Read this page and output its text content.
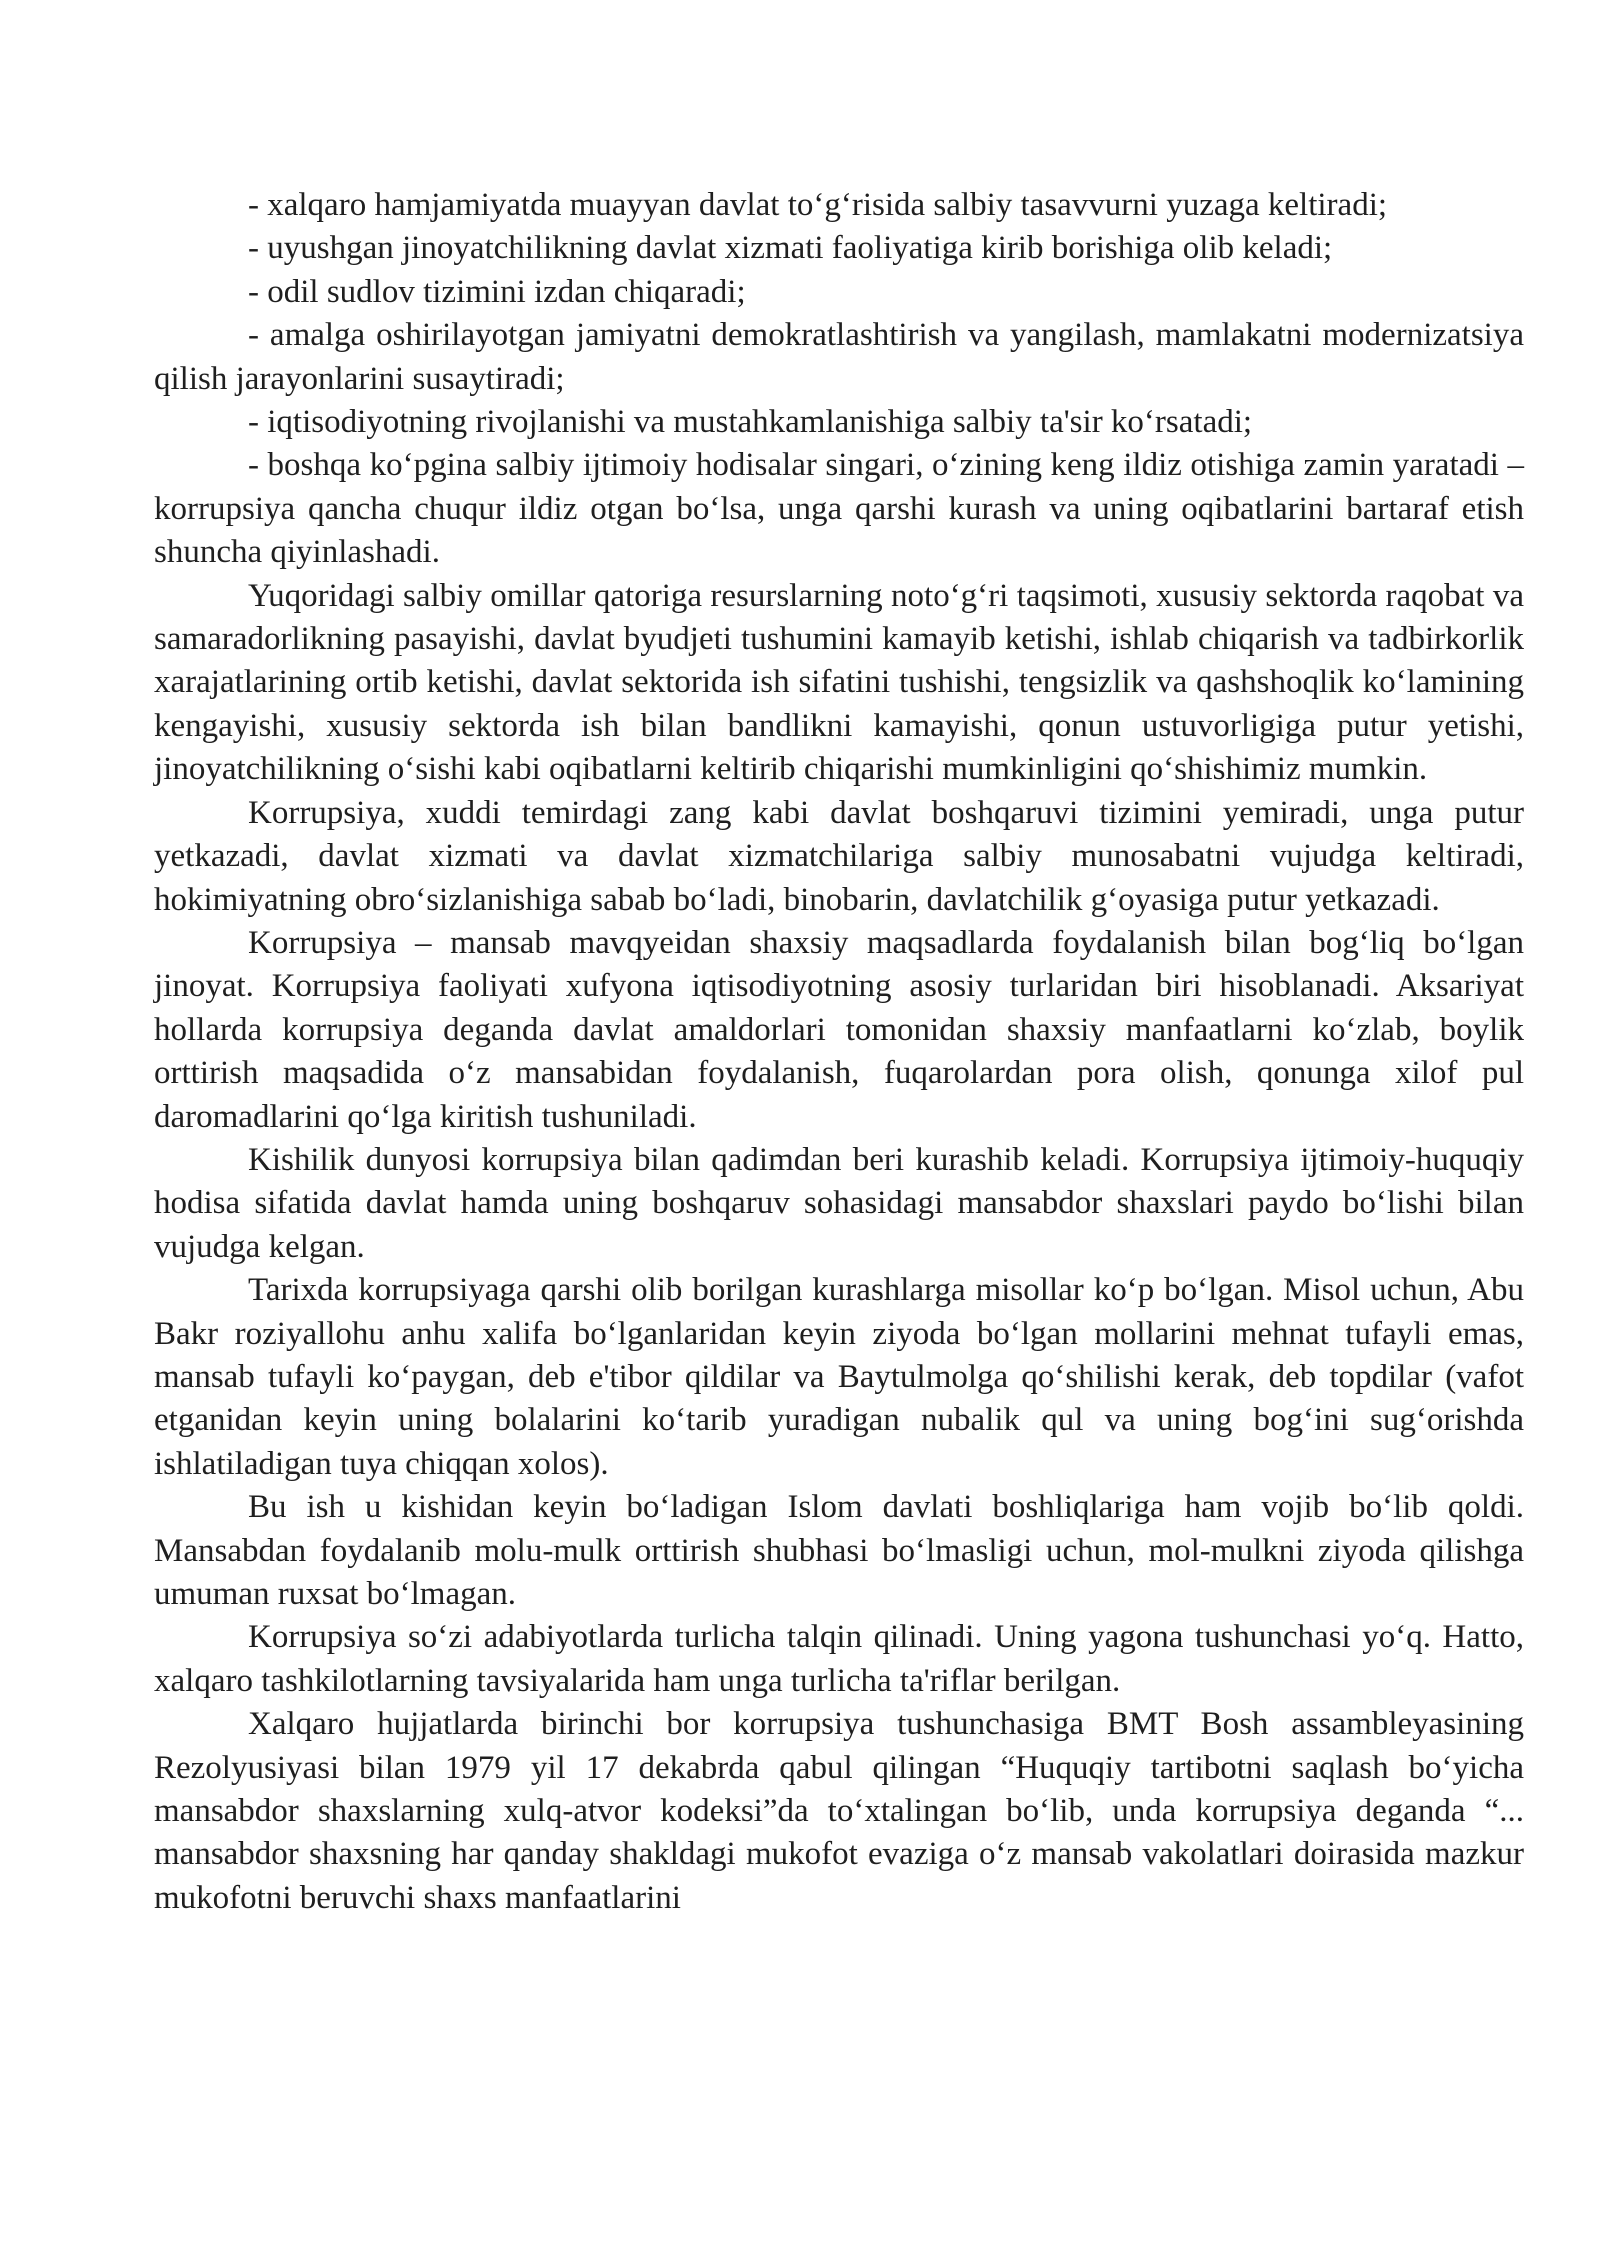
- xalqaro hamjamiyatda muayyan davlat to‘g‘risida salbiy tasavvurni yuzaga keltiradi;

- uyushgan jinoyatchilikning davlat xizmati faoliyatiga kirib borishiga olib keladi;

- odil sudlov tizimini izdan chiqaradi;

- amalga oshirilayotgan jamiyatni demokratlashtirish va yangilash, mamlakatni modernizatsiya qilish jarayonlarini susaytiradi;

- iqtisodiyotning rivojlanishi va mustahkamlanishiga salbiy ta'sir ko‘rsatadi;

- boshqa ko‘pgina salbiy ijtimoiy hodisalar singari, o‘zining keng ildiz otishiga zamin yaratadi – korrupsiya qancha chuqur ildiz otgan bo‘lsa, unga qarshi kurash va uning oqibatlarini bartaraf etish shuncha qiyinlashadi.

Yuqoridagi salbiy omillar qatoriga resurslarning noto‘g‘ri taqsimoti, xususiy sektorda raqobat va samaradorlikning pasayishi, davlat byudjeti tushumini kamayib ketishi, ishlab chiqarish va tadbirkorlik xarajatlarining ortib ketishi, davlat sektorida ish sifatini tushishi, tengsizlik va qashshoqlik ko‘lamining kengayishi, xususiy sektorda ish bilan bandlikni kamayishi, qonun ustuvorligiga putur yetishi, jinoyatchilikning o‘sishi kabi oqibatlarni keltirib chiqarishi mumkinligini qo‘shishimiz mumkin.

Korrupsiya, xuddi temirdagi zang kabi davlat boshqaruvi tizimini yemiradi, unga putur yetkazadi, davlat xizmati va davlat xizmatchilariga salbiy munosabatni vujudga keltiradi, hokimiyatning obro‘sizlanishiga sabab bo‘ladi, binobarin, davlatchilik g‘oyasiga putur yetkazadi.

Korrupsiya – mansab mavqyeidan shaxsiy maqsadlarda foydalanish bilan bog‘liq bo‘lgan jinoyat. Korrupsiya faoliyati xufyona iqtisodiyotning asosiy turlaridan biri hisoblanadi. Aksariyat hollarda korrupsiya deganda davlat amaldorlari tomonidan shaxsiy manfaatlarni ko‘zlab, boylik orttirish maqsadida o‘z mansabidan foydalanish, fuqarolardan pora olish, qonunga xilof pul daromadlarini qo‘lga kiritish tushuniladi.

Kishilik dunyosi korrupsiya bilan qadimdan beri kurashib keladi. Korrupsiya ijtimoiy-huquqiy hodisa sifatida davlat hamda uning boshqaruv sohasidagi mansabdor shaxslari paydo bo‘lishi bilan vujudga kelgan.

Tarixda korrupsiyaga qarshi olib borilgan kurashlarga misollar ko‘p bo‘lgan. Misol uchun, Abu Bakr roziyallohu anhu xalifa bo‘lganlaridan keyin ziyoda bo‘lgan mollarini mehnat tufayli emas, mansab tufayli ko‘paygan, deb e'tibor qildilar va Baytulmolga qo‘shilishi kerak, deb topdilar (vafot etganidan keyin uning bolalarini ko‘tarib yuradigan nubalik qul va uning bog‘ini sug‘orishda ishlatiladigan tuya chiqqan xolos).

Bu ish u kishidan keyin bo‘ladigan Islom davlati boshliqlariga ham vojib bo‘lib qoldi. Mansabdan foydalanib molu-mulk orttirish shubhasi bo‘lmasligi uchun, mol-mulkni ziyoda qilishga umuman ruxsat bo‘lmagan.

Korrupsiya so‘zi adabiyotlarda turlicha talqin qilinadi. Uning yagona tushunchasi yo‘q. Hatto, xalqaro tashkilotlarning tavsiyalarida ham unga turlicha ta'riflar berilgan.

Xalqaro hujjatlarda birinchi bor korrupsiya tushunchasiga BMT Bosh assambleyasining Rezolyusiyasi bilan 1979 yil 17 dekabrda qabul qilingan “Huquqiy tartibotni saqlash bo‘yicha mansabdor shaxslarning xulq-atvor kodeksi”da to‘xtalingan bo‘lib, unda korrupsiya deganda “... mansabdor shaxsning har qanday shakldagi mukofot evaziga o‘z mansab vakolatlari doirasida mazkur mukofotni beruvchi shaxs manfaatlarini
